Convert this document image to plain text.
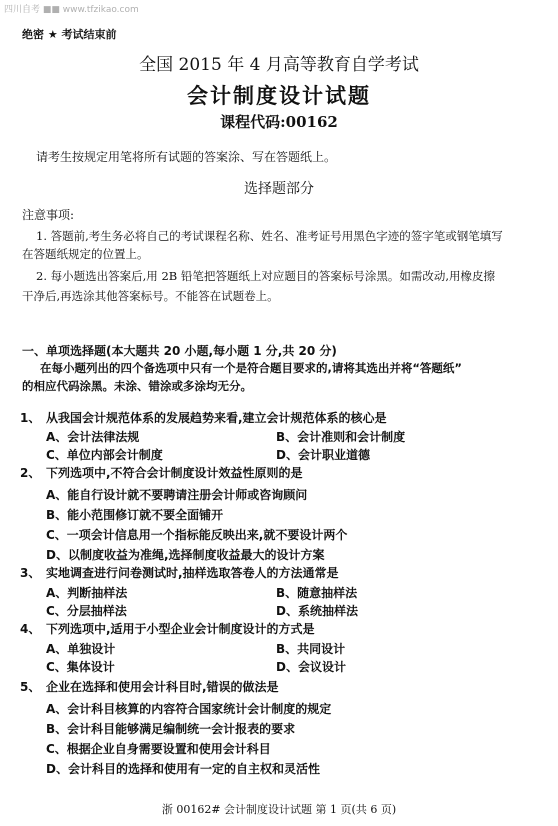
四川自考 ■■ www.tfzikao.com
绝密 ★ 考试结束前
全国 2015 年 4 月高等教育自学考试
会计制度设计试题
课程代码:00162
请考生按规定用笔将所有试题的答案涂、写在答题纸上。
选择题部分
注意事项:
1. 答题前,考生务必将自己的考试课程名称、姓名、准考证号用黑色字迹的签字笔或钢笔填写
在答题纸规定的位置上。
2. 每小题选出答案后,用 2B 铅笔把答题纸上对应题目的答案标号涂黑。如需改动,用橡皮擦
干净后,再选涂其他答案标号。不能答在试题卷上。
一、单项选择题(本大题共 20 小题,每小题 1 分,共 20 分)
在每小题列出的四个备选项中只有一个是符合题目要求的,请将其选出并将“答题纸”
的相应代码涂黑。未涂、错涂或多涂均无分。
1、 从我国会计规范体系的发展趋势来看,建立会计规范体系的核心是
A、会计法律法规	B、会计准则和会计制度
C、单位内部会计制度	D、会计职业道德
2、 下列选项中,不符合会计制度设计效益性原则的是
A、能自行设计就不要聘请注册会计师或咨询顾问
B、能小范围修订就不要全面铺开
C、一项会计信息用一个指标能反映出来,就不要设计两个
D、以制度收益为准绳,选择制度收益最大的设计方案
3、 实地调查进行问卷测试时,抽样选取答卷人的方法通常是
A、判断抽样法	B、随意抽样法
C、分层抽样法	D、系统抽样法
4、 下列选项中,适用于小型企业会计制度设计的方式是
A、单独设计	B、共同设计
C、集体设计	D、会议设计
5、 企业在选择和使用会计科目时,错误的做法是
A、会计科目核算的内容符合国家统计会计制度的规定
B、会计科目能够满足编制统一会计报表的要求
C、根据企业自身需要设置和使用会计科目
D、会计科目的选择和使用有一定的自主权和灵活性
浙 00162# 会计制度设计试题 第 1 页(共 6 页)
